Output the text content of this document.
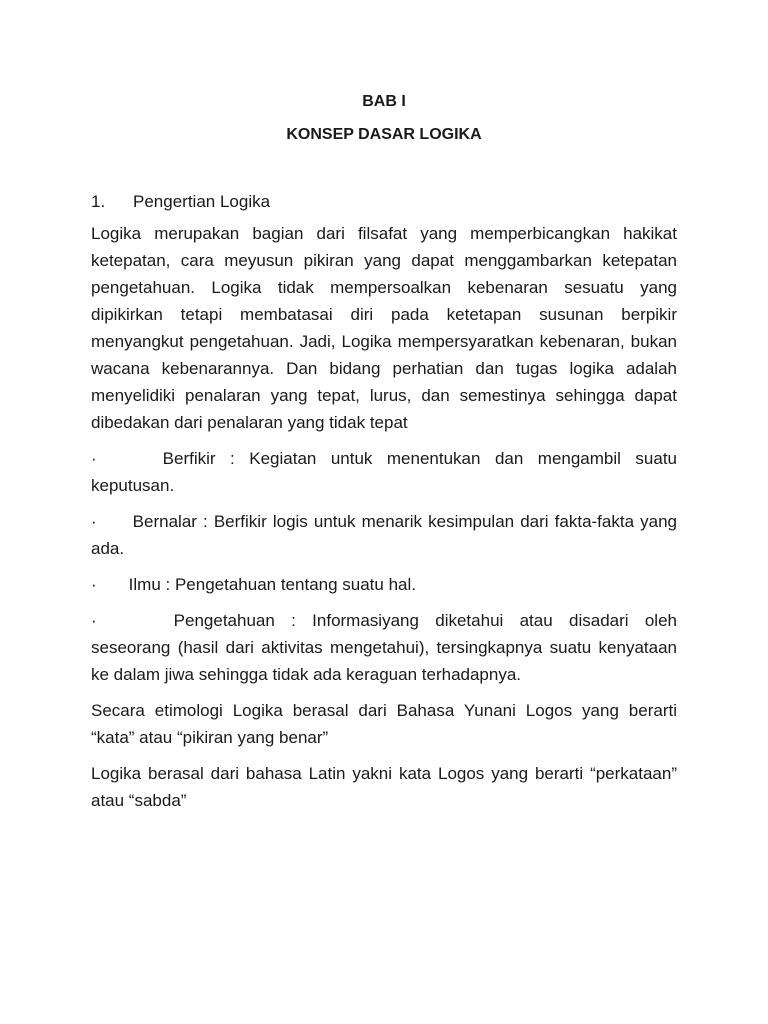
BAB I
KONSEP DASAR LOGIKA
1.	Pengertian Logika

Logika merupakan bagian dari filsafat yang memperbicangkan hakikat ketepatan, cara meyusun pikiran yang dapat menggambarkan ketepatan pengetahuan. Logika tidak mempersoalkan kebenaran sesuatu yang dipikirkan tetapi membatasai diri pada ketetapan susunan berpikir menyangkut pengetahuan. Jadi, Logika mempersyaratkan kebenaran, bukan wacana kebenarannya. Dan bidang perhatian dan tugas logika adalah menyelidiki penalaran yang tepat, lurus, dan semestinya sehingga dapat dibedakan dari penalaran yang tidak tepat

·	Berfikir : Kegiatan untuk menentukan dan mengambil suatu keputusan.

· Bernalar : Berfikir logis untuk menarik kesimpulan dari fakta-fakta yang ada.

· Ilmu : Pengetahuan tentang suatu hal.

·	Pengetahuan : Informasiyang diketahui atau disadari oleh seseorang (hasil dari aktivitas mengetahui), tersingkapnya suatu kenyataan ke dalam jiwa sehingga tidak ada keraguan terhadapnya.

Secara etimologi Logika berasal dari Bahasa Yunani Logos yang berarti “kata” atau “pikiran yang benar”

Logika berasal dari bahasa Latin yakni kata Logos yang berarti “perkataan” atau “sabda”
